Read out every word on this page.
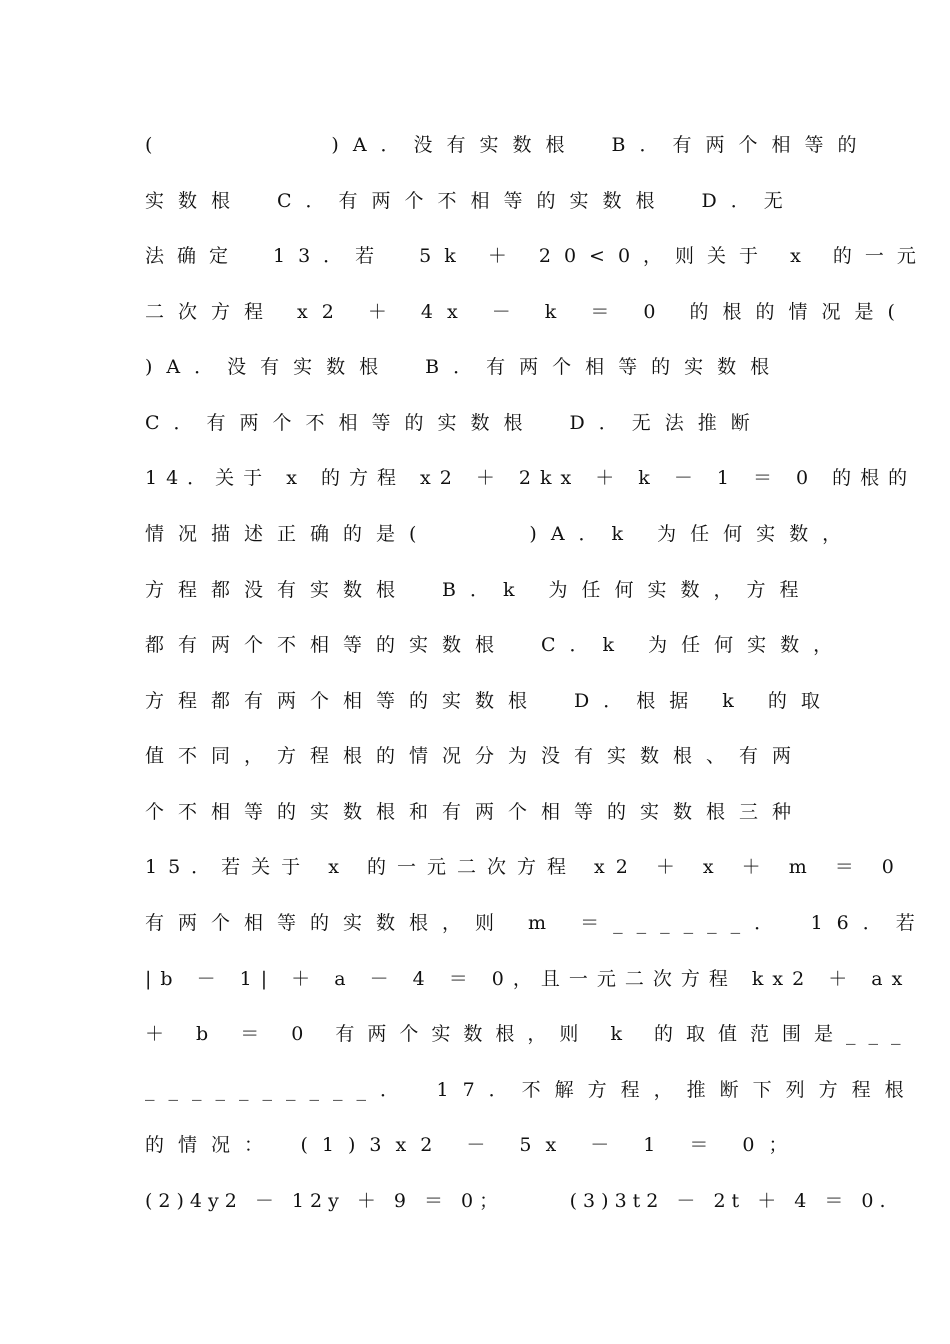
(　　　　　)A．没有实数根　B．有两个相等的
实数根　C．有两个不相等的实数根　D．无
法确定　13．若　5k ＋ 20<0，则关于 x 的一元
二次方程 x2 ＋ 4x － k ＝ 0 的根的情况是(
)A．没有实数根　B．有两个相等的实数根
C．有两个不相等的实数根　D．无法推断
14．关于 x 的方程 x2 ＋ 2kx ＋ k － 1 ＝ 0 的根的
情况描述正确的是(　　　)A．k 为任何实数，
方程都没有实数根　B．k 为任何实数，方程
都有两个不相等的实数根　C．k 为任何实数，
方程都有两个相等的实数根　D．根据 k 的取
值不同，方程根的情况分为没有实数根、有两
个不相等的实数根和有两个相等的实数根三种
15．若关于 x 的一元二次方程 x2 ＋ x ＋ m ＝ 0
有两个相等的实数根，则 m ＝______．　16．若
|b － 1| ＋ a － 4 ＝ 0，且一元二次方程 kx2 ＋ ax
＋ b ＝ 0 有两个实数根，则 k 的取值范围是___
__________．　17．不解方程，推断下列方程根
的情况：　(1)3x2 － 5x － 1 ＝ 0；
(2)4y2 － 12y ＋ 9 ＝ 0；　　　(3)3t2 － 2t ＋ 4 ＝ 0.
